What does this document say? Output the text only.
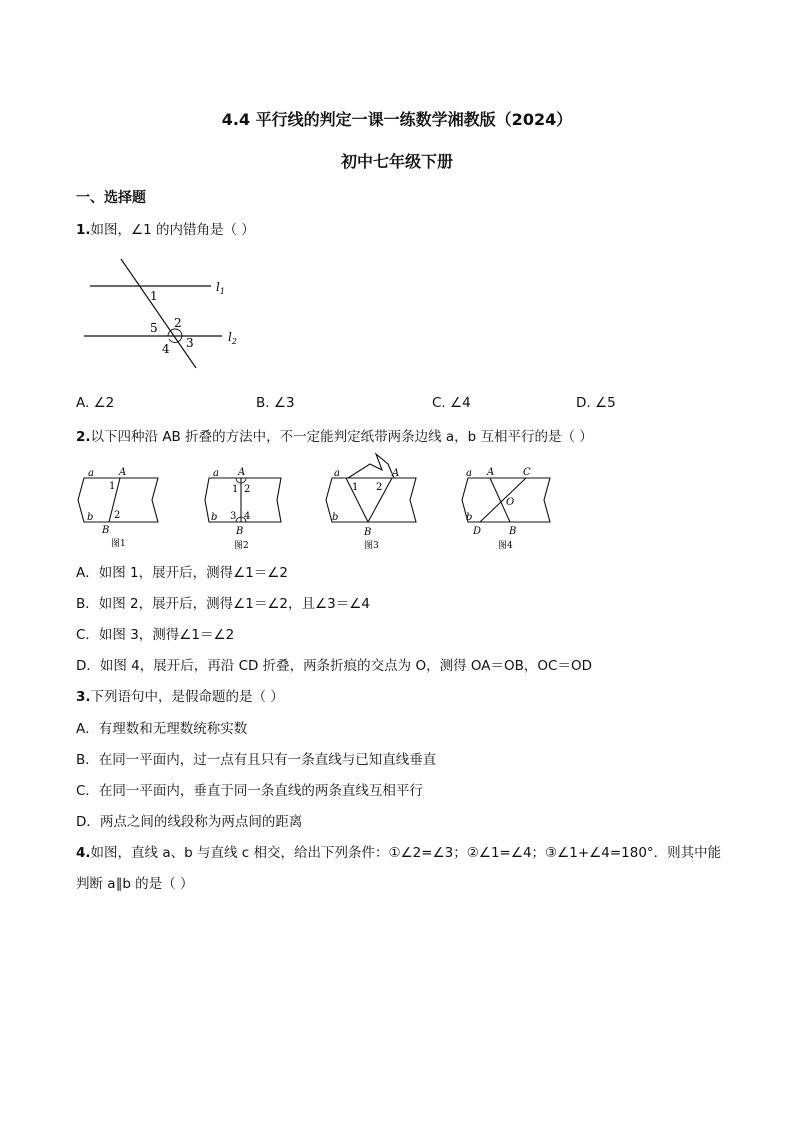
4.4 平行线的判定一课一练数学湘教版（2024）
初中七年级下册
一、选择题
1.如图，∠1 的内错角是（ ）
$l_1$
$l_2$
1
2
3
4
5
A. ∠2	B. ∠3	C. ∠4	D. ∠5
2.以下四种沿 AB 折叠的方法中，不一定能判定纸带两条边线 a，b 互相平行的是（ ）
a	A
b
B
1
2
图1
a A
b
B
1 2
3 4
图2
a	A
b
B
1 2
图3
a A	C
O
b
D	B
图4
A．如图 1，展开后，测得∠1＝∠2
B．如图 2，展开后，测得∠1＝∠2，且∠3＝∠4
C．如图 3，测得∠1＝∠2
D．如图 4，展开后，再沿 CD 折叠，两条折痕的交点为 O，测得 OA＝OB，OC＝OD
3.下列语句中，是假命题的是（ ）
A．有理数和无理数统称实数
B．在同一平面内，过一点有且只有一条直线与已知直线垂直
C．在同一平面内，垂直于同一条直线的两条直线互相平行
D．两点之间的线段称为两点间的距离
4.如图，直线 a、b 与直线 c 相交，给出下列条件：①∠2=∠3；②∠1=∠4；③∠1+∠4=180°．则其中能
判断 a∥b 的是（ ）
